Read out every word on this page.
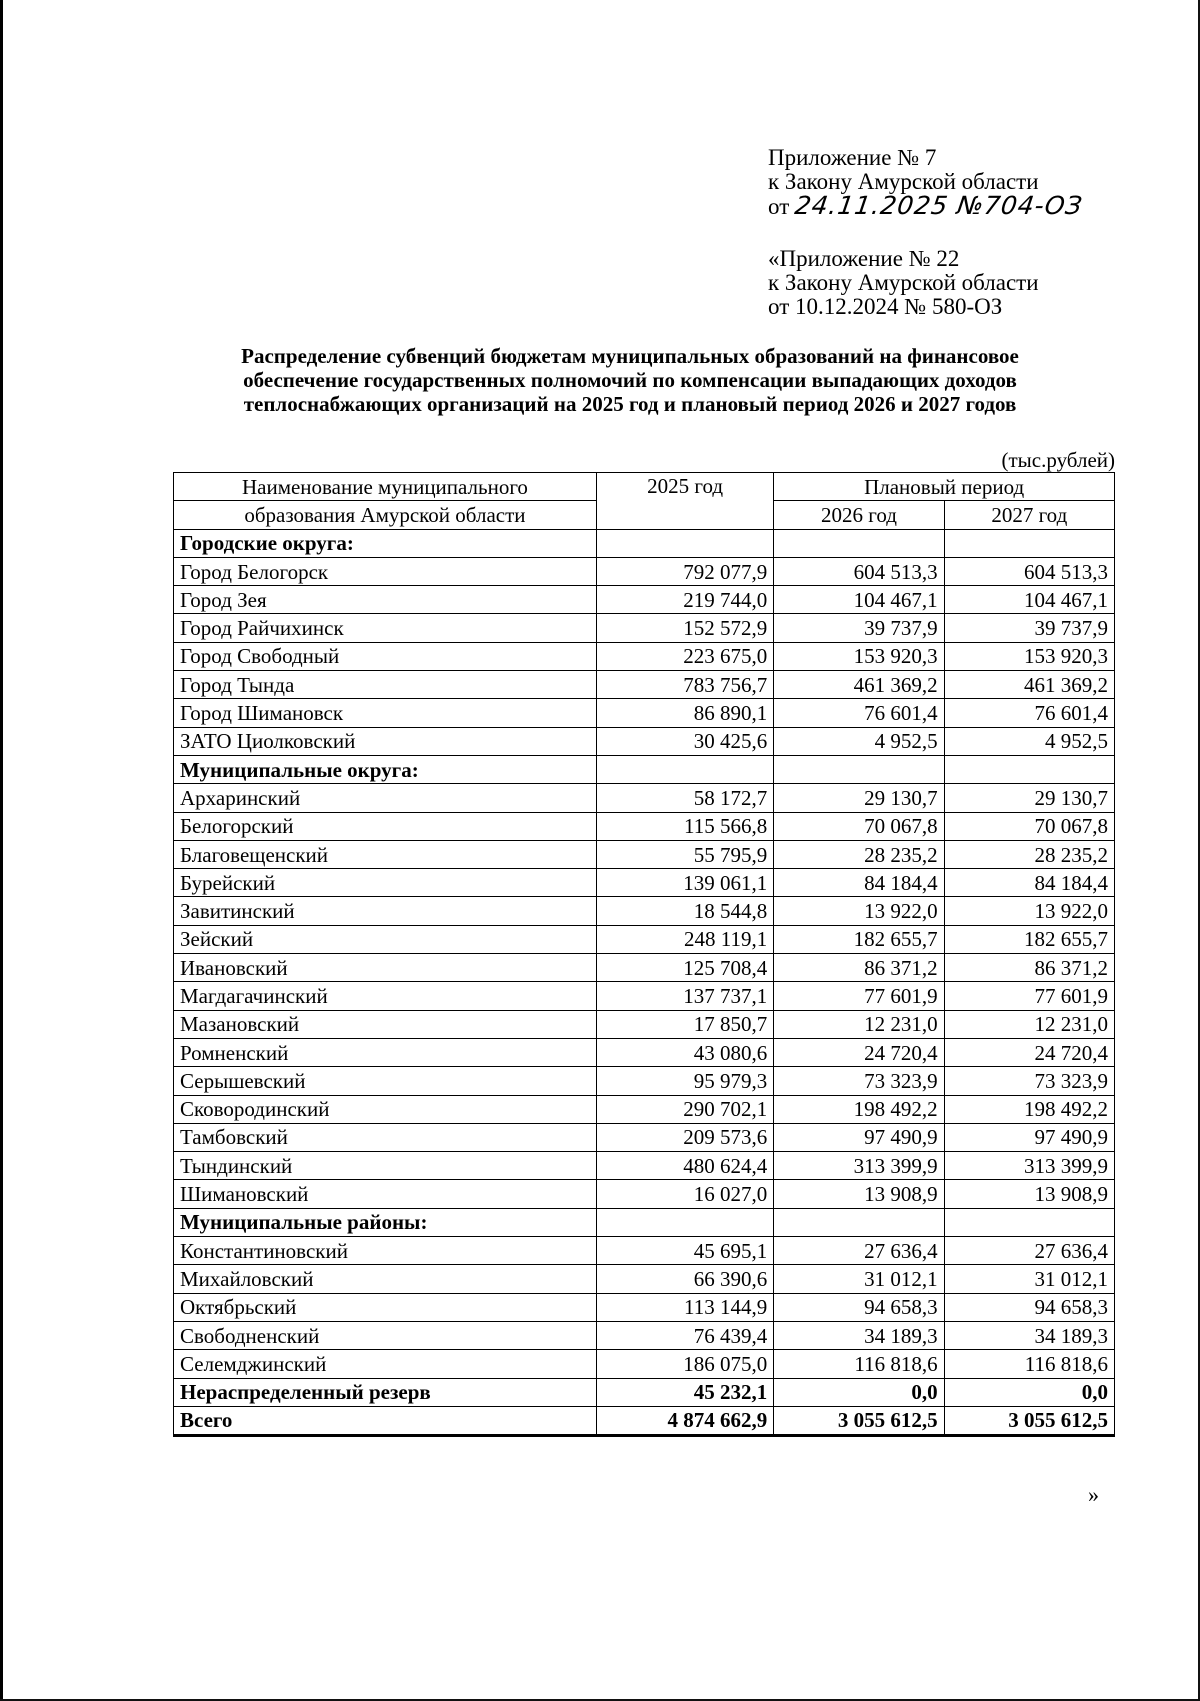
Приложение № 7
к Закону Амурской области
от 24.11.2025 №704-ОЗ
«Приложение № 22
к Закону Амурской области
от 10.12.2024 № 580-ОЗ
Распределение субвенций бюджетам муниципальных образований на финансовое
обеспечение государственных полномочий по компенсации выпадающих доходов
теплоснабжающих организаций на 2025 год и плановый период 2026 и 2027 годов
(тыс.рублей)
Наименование муниципального	2025 год	Плановый период	
образования Амурской области		2026 год	2027 год
Городские округа:			
Город Белогорск	792 077,9	604 513,3	604 513,3
Город Зея	219 744,0	104 467,1	104 467,1
Город Райчихинск	152 572,9	39 737,9	39 737,9
Город Свободный	223 675,0	153 920,3	153 920,3
Город Тында	783 756,7	461 369,2	461 369,2
Город Шимановск	86 890,1	76 601,4	76 601,4
ЗАТО Циолковский	30 425,6	4 952,5	4 952,5
Муниципальные округа:			
Архаринский	58 172,7	29 130,7	29 130,7
Белогорский	115 566,8	70 067,8	70 067,8
Благовещенский	55 795,9	28 235,2	28 235,2
Бурейский	139 061,1	84 184,4	84 184,4
Завитинский	18 544,8	13 922,0	13 922,0
Зейский	248 119,1	182 655,7	182 655,7
Ивановский	125 708,4	86 371,2	86 371,2
Магдагачинский	137 737,1	77 601,9	77 601,9
Мазановский	17 850,7	12 231,0	12 231,0
Ромненский	43 080,6	24 720,4	24 720,4
Серышевский	95 979,3	73 323,9	73 323,9
Сковородинский	290 702,1	198 492,2	198 492,2
Тамбовский	209 573,6	97 490,9	97 490,9
Тындинский	480 624,4	313 399,9	313 399,9
Шимановский	16 027,0	13 908,9	13 908,9
Муниципальные районы:			
Константиновский	45 695,1	27 636,4	27 636,4
Михайловский	66 390,6	31 012,1	31 012,1
Октябрьский	113 144,9	94 658,3	94 658,3
Свободненский	76 439,4	34 189,3	34 189,3
Селемджинский	186 075,0	116 818,6	116 818,6
Нераспределенный резерв	45 232,1	0,0	0,0
Всего	4 874 662,9	3 055 612,5	3 055 612,5
»
